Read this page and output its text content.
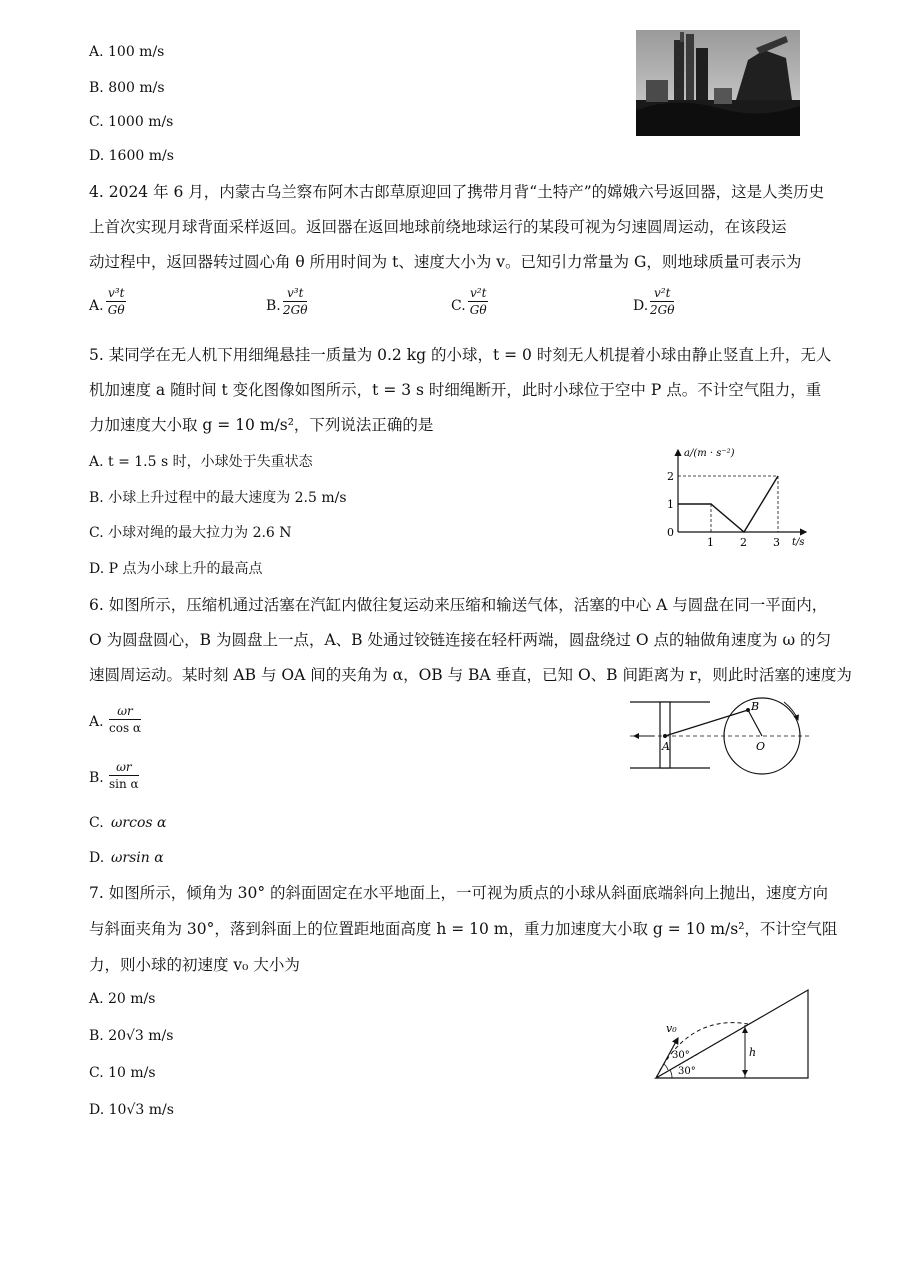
A. 100 m/s
B. 800 m/s
C. 1000 m/s
D. 1600 m/s
4. 2024 年 6 月，内蒙古乌兰察布阿木古郎草原迎回了携带月背“土特产”的嫦娥六号返回器，这是人类历史
上首次实现月球背面采样返回。返回器在返回地球前绕地球运行的某段可视为匀速圆周运动，在该段运
动过程中，返回器转过圆心角 θ 所用时间为 t、速度大小为 v。已知引力常量为 G，则地球质量可表示为
A. $\frac{\text{v³t}}{G\theta}$	B. $\frac{\text{v³t}}{2G\theta}$	C. $\frac{\text{v²t}}{G\theta}$	D. $\frac{\text{v²t}}{2G\theta}$
5. 某同学在无人机下用细绳悬挂一质量为 0.2 kg 的小球，t = 0 时刻无人机提着小球由静止竖直上升，无人
机加速度 a 随时间 t 变化图像如图所示，t = 3 s 时细绳断开，此时小球位于空中 P 点。不计空气阻力，重
力加速度大小取 g = 10 m/s²，下列说法正确的是
A. t = 1.5 s 时，小球处于失重状态
B. 小球上升过程中的最大速度为 2.5 m/s
C. 小球对绳的最大拉力为 2.6 N
D. P 点为小球上升的最高点
a/(m · s⁻²)
t/s
0
1
2
1 2 3
6. 如图所示，压缩机通过活塞在汽缸内做往复运动来压缩和输送气体，活塞的中心 A 与圆盘在同一平面内，
O 为圆盘圆心，B 为圆盘上一点，A、B 处通过铰链连接在轻杆两端，圆盘绕过 O 点的轴做角速度为 ω 的匀
速圆周运动。某时刻 AB 与 OA 间的夹角为 α，OB 与 BA 垂直，已知 O、B 间距离为 r，则此时活塞的速度为
A. $\frac{\omega r}{\text{cos α}}$
B. $\frac{\omega r}{\text{sin α}}$
C. ωrcos α
D. ωrsin α
A
B
O
7. 如图所示，倾角为 30° 的斜面固定在水平地面上，一可视为质点的小球从斜面底端斜向上抛出，速度方向
与斜面夹角为 30°，落到斜面上的位置距地面高度 h = 10 m，重力加速度大小取 g = 10 m/s²，不计空气阻
力，则小球的初速度 v₀ 大小为
A. 20 m/s
B. 20√3 m/s
C. 10 m/s
D. 10√3 m/s
v₀
30°
30°
h
